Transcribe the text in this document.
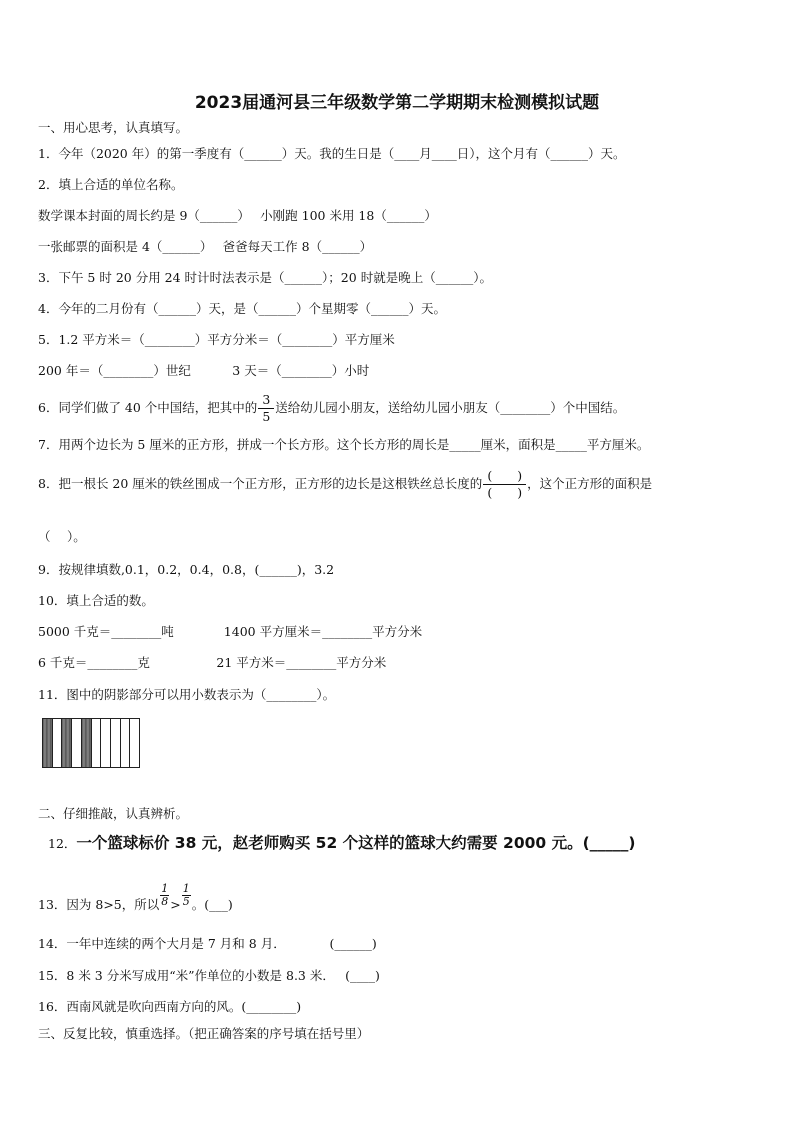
2023届通河县三年级数学第二学期期末检测模拟试题
一、用心思考，认真填写。
1．今年（2020 年）的第一季度有（______）天。我的生日是（____月____日），这个月有（______）天。
2．填上合适的单位名称。
数学课本封面的周长约是 9（______）　 小刚跑 100 米用 18（______）
一张邮票的面积是 4（______）　 爸爸每天工作 8（______）
3．下午 5 时 20 分用 24 时计时法表示是（______）；20 时就是晚上（______）。
4．今年的二月份有（______）天，是（______）个星期零（______）天。
5．1.2 平方米＝（________）平方分米＝（________）平方厘米
200 年＝（________）世纪　　　 3 天＝（________）小时
6．同学们做了 40 个中国结，把其中的 $\frac{3}{5}$ 送给幼儿园小朋友，送给幼儿园小朋友（________）个中国结。
7．用两个边长为 5 厘米的正方形，拼成一个长方形。这个长方形的周长是_____厘米，面积是_____平方厘米。
8．把一根长 20 厘米的铁丝围成一个正方形，正方形的边长是这根铁丝总长度的 $\frac{( )}{( )}$ ，这个正方形的面积是
（　 ）。
9．按规律填数,0.1，0.2，0.4，0.8，(______)，3.2
10．填上合适的数。
5000 千克＝________吨　　　　1400 平方厘米＝________平方分米
6 千克＝________克　　　　　 21 平方米＝________平方分米
11．图中的阴影部分可以用小数表示为（________）。
二、仔细推敲，认真辨析。
12．一个篮球标价 38 元，赵老师购买 52 个这样的篮球大约需要 2000 元。(_____)
13．因为 8>5，所以 $\frac{1}{8} > \frac{1}{5}$ 。(___)
14．一年中连续的两个大月是 7 月和 8 月．　　　　(______)
15．8 米 3 分米写成用“米”作单位的小数是 8.3 米．　 (____)
16．西南风就是吹向西南方向的风。(________)
三、反复比较，慎重选择。（把正确答案的序号填在括号里）
